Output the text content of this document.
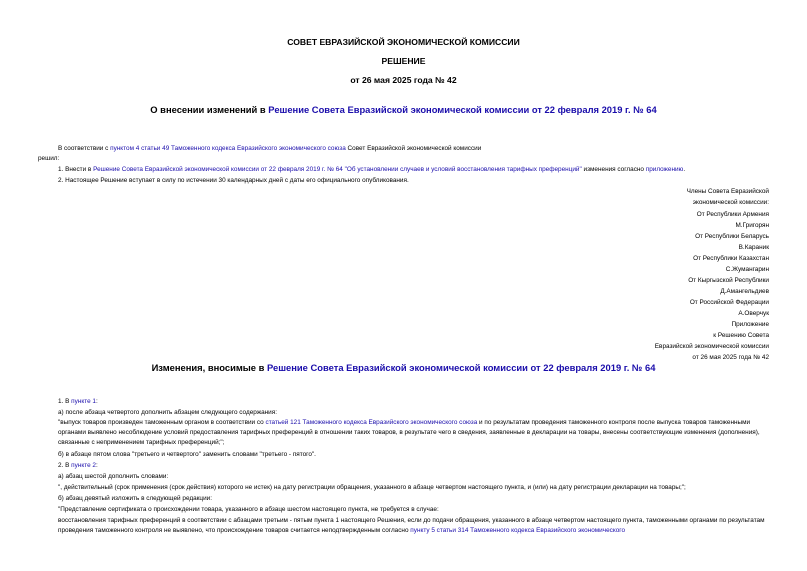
СОВЕТ ЕВРАЗИЙСКОЙ ЭКОНОМИЧЕСКОЙ КОМИССИИ
РЕШЕНИЕ
от 26 мая 2025 года № 42
О внесении изменений в Решение Совета Евразийской экономической комиссии от 22 февраля 2019 г. № 64
В соответствии с пунктом 4 статьи 49 Таможенного кодекса Евразийского экономического союза Совет Евразийской экономической комиссии
решил:
1. Внести в Решение Совета Евразийской экономической комиссии от 22 февраля 2019 г. № 64 "Об установлении случаев и условий восстановления тарифных преференций" изменения согласно приложению.
2. Настоящее Решение вступает в силу по истечении 30 календарных дней с даты его официального опубликования.
Члены Совета Евразийской
экономической комиссии:
От Республики Армения
М.Григорян
От Республики Беларусь
В.Караник
От Республики Казахстан
С.Жумангарин
От Кыргызской Республики
Д.Амангельдиев
От Российской Федерации
А.Оверчук
Приложение
к Решению Совета
Евразийской экономической комиссии
от 26 мая 2025 года № 42
Изменения, вносимые в Решение Совета Евразийской экономической комиссии от 22 февраля 2019 г. № 64
1. В пункте 1:
а) после абзаца четвертого дополнить абзацем следующего содержания:
"выпуск товаров произведен таможенным органом в соответствии со статьей 121 Таможенного кодекса Евразийского экономического союза и по результатам проведения таможенного контроля после выпуска товаров таможенными органами выявлено несоблюдение условий предоставления тарифных преференций в отношении таких товаров, в результате чего в сведения, заявленные в декларации на товары, внесены соответствующие изменения (дополнения), связанные с неприменением тарифных преференций;";
б) в абзаце пятом слова "третьего и четвертого" заменить словами "третьего - пятого".
2. В пункте 2:
а) абзац шестой дополнить словами:
", действительный (срок применения (срок действия) которого не истек) на дату регистрации обращения, указанного в абзаце четвертом настоящего пункта, и (или) на дату регистрации декларации на товары;";
б) абзац девятый изложить в следующей редакции:
"Представление сертификата о происхождении товара, указанного в абзаце шестом настоящего пункта, не требуется в случае:
восстановления тарифных преференций в соответствии с абзацами третьим - пятым пункта 1 настоящего Решения, если до подачи обращения, указанного в абзаце четвертом настоящего пункта, таможенными органами по результатам проведения таможенного контроля не выявлено, что происхождение товаров считается неподтвержденным согласно пункту 5 статьи 314 Таможенного кодекса Евразийского экономического
